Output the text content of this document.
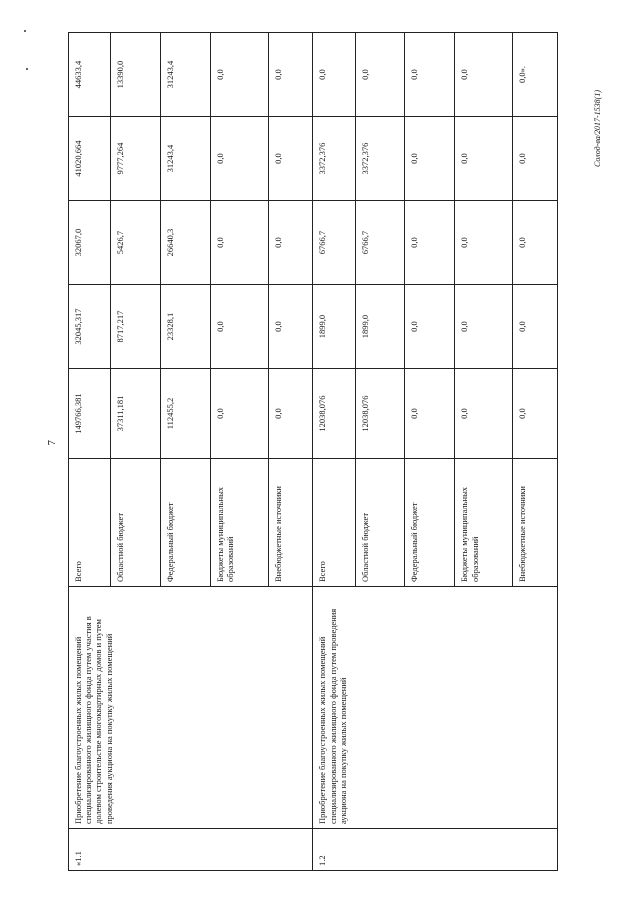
7
Солод-ва/2017-1538(1)
«1.1	Приобретение благоустроенных жилых помещений специализированного жилищного фонда путем участия в долевом строительстве многоквартирных домов и путем проведения аукциона на покупку жилых помещений	Всего	149766,381	32045,317	32067,0	41020,664	44633,4
		Областной бюджет	37311,181	8717,217	5426,7	9777,264	13390,0
		Федеральный бюджет	112455,2	23328,1	26640,3	31243,4	31243,4
		Бюджеты муниципальных образований	0,0	0,0	0,0	0,0	0,0
		Внебюджетные источники	0,0	0,0	0,0	0,0	0,0
1.2	Приобретение благоустроенных жилых помещений специализированного жилищного фонда путем проведения аукциона на покупку жилых помещений	Всего	12038,076	1899,0	6766,7	3372,376	0,0
		Областной бюджет	12038,076	1899,0	6766,7	3372,376	0,0
		Федеральный бюджет	0,0	0,0	0,0	0,0	0,0
		Бюджеты муниципальных образований	0,0	0,0	0,0	0,0	0,0
		Внебюджетные источники	0,0	0,0	0,0	0,0	0,0».
